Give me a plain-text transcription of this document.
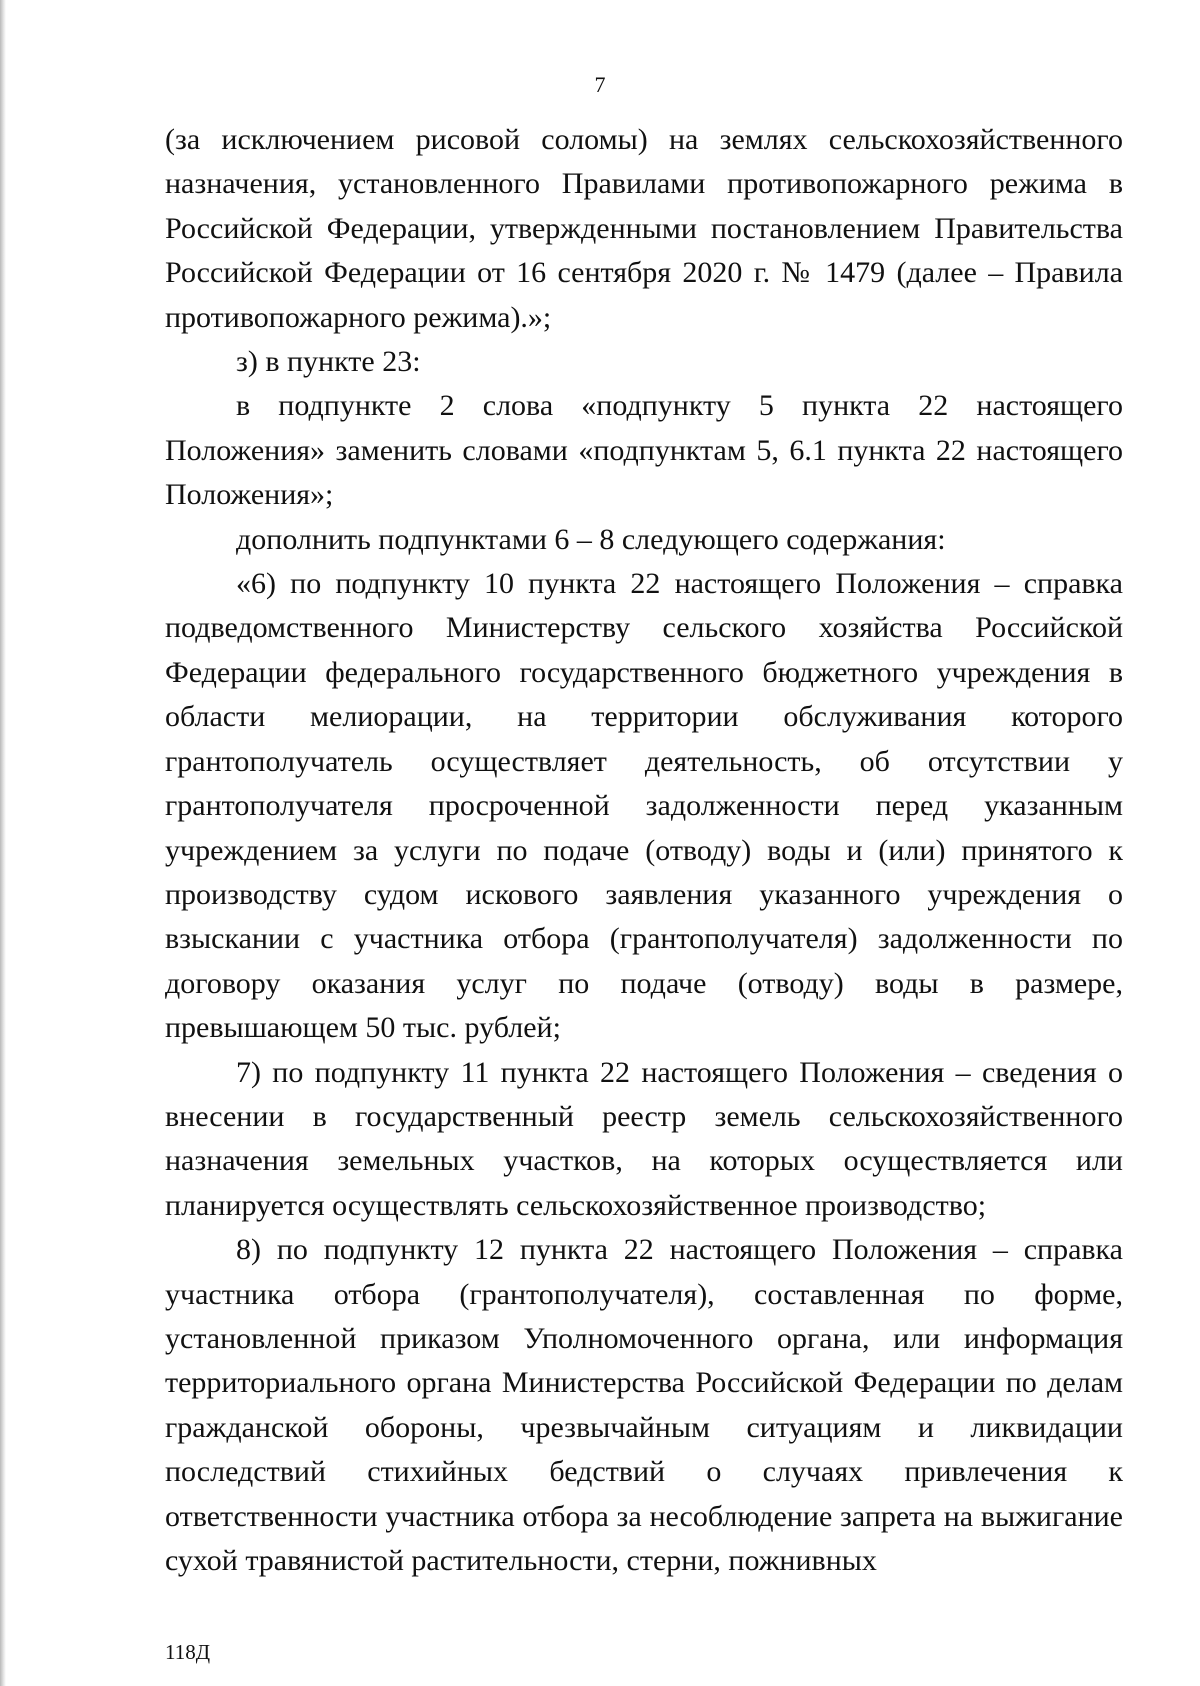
7

(за исключением рисовой соломы) на землях сельскохозяйственного назначения, установленного Правилами противопожарного режима в Российской Федерации, утвержденными постановлением Правительства Российской Федерации от 16 сентября 2020 г. № 1479 (далее – Правила противопожарного режима).»;

з) в пункте 23:

в подпункте 2 слова «подпункту 5 пункта 22 настоящего Положения» заменить словами «подпунктам 5, 6.1 пункта 22 настоящего Положения»;

дополнить подпунктами 6 – 8 следующего содержания:

«6) по подпункту 10 пункта 22 настоящего Положения – справка подведомственного Министерству сельского хозяйства Российской Федерации федерального государственного бюджетного учреждения в области мелиорации, на территории обслуживания которого грантополучатель осуществляет деятельность, об отсутствии у грантополучателя просроченной задолженности перед указанным учреждением за услуги по подаче (отводу) воды и (или) принятого к производству судом искового заявления указанного учреждения о взыскании с участника отбора (грантополучателя) задолженности по договору оказания услуг по подаче (отводу) воды в размере, превышающем 50 тыс. рублей;

7) по подпункту 11 пункта 22 настоящего Положения – сведения о внесении в государственный реестр земель сельскохозяйственного назначения земельных участков, на которых осуществляется или планируется осуществлять сельскохозяйственное производство;

8) по подпункту 12 пункта 22 настоящего Положения – справка участника отбора (грантополучателя), составленная по форме, установленной приказом Уполномоченного органа, или информация территориального органа Министерства Российской Федерации по делам гражданской обороны, чрезвычайным ситуациям и ликвидации последствий стихийных бедствий о случаях привлечения к ответственности участника отбора за несоблюдение запрета на выжигание сухой травянистой растительности, стерни, пожнивных

118Д
